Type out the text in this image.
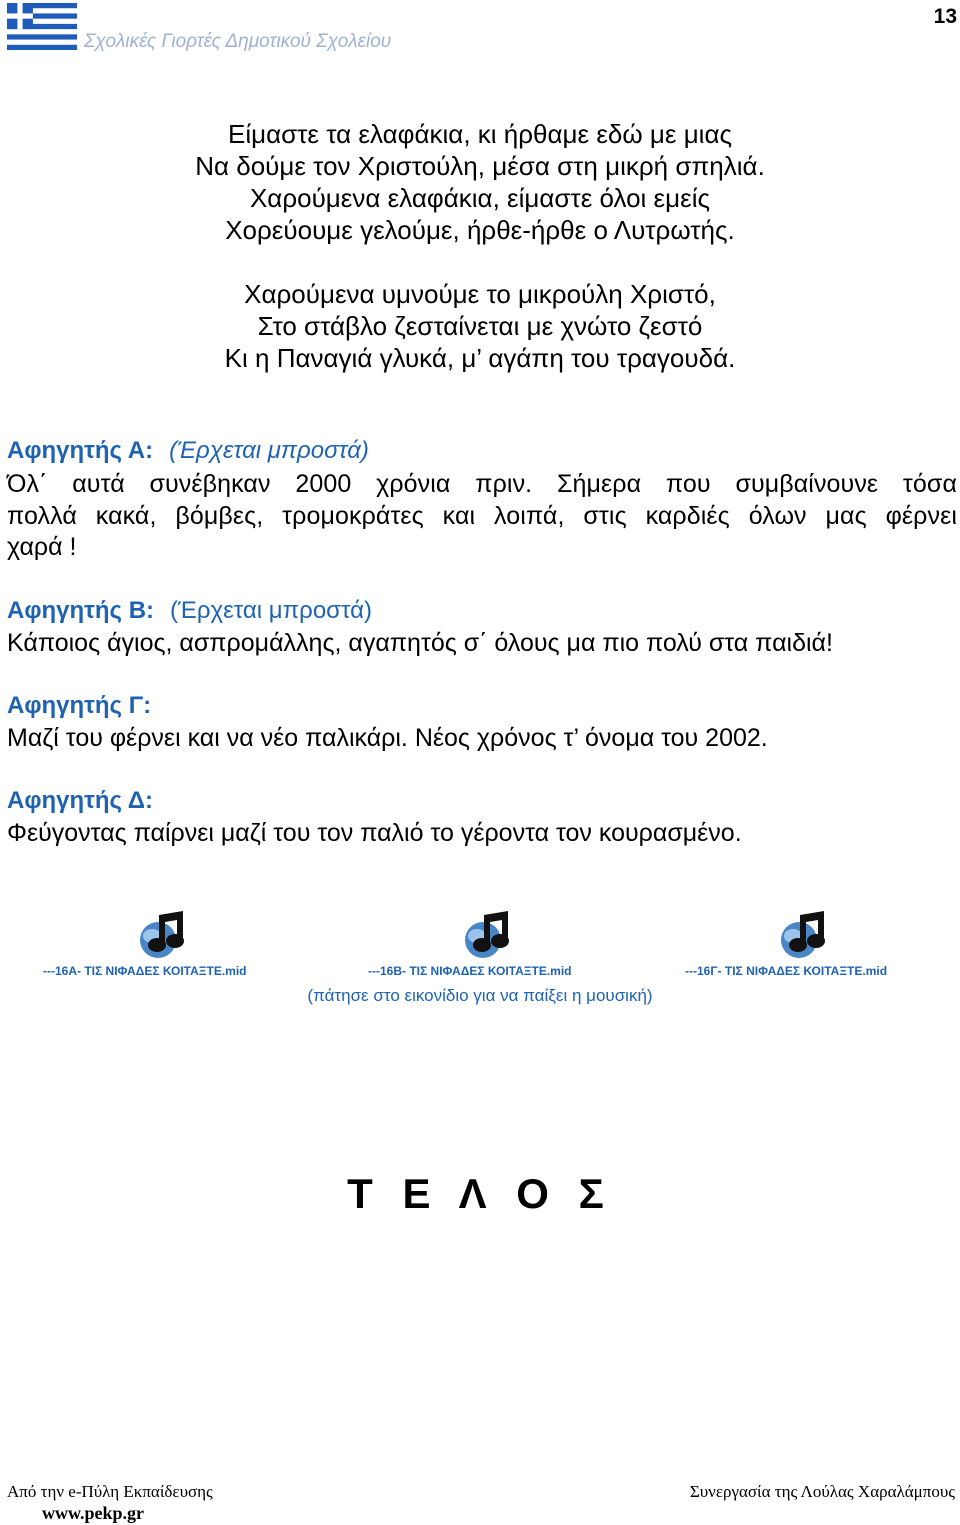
Σχολικές Γιορτές Δημοτικού Σχολείου
13
Είμαστε τα ελαφάκια, κι ήρθαμε εδώ με μιας
Να δούμε τον Χριστούλη, μέσα στη μικρή σπηλιά.
Χαρούμενα ελαφάκια, είμαστε όλοι εμείς
Χορεύουμε γελούμε, ήρθε-ήρθε ο Λυτρωτής.
Χαρούμενα υμνούμε το μικρούλη Χριστό,
Στο στάβλο ζεσταίνεται με χνώτο ζεστό
Κι η Παναγιά γλυκά, μ’ αγάπη του τραγουδά.
Αφηγητής Α: (Έρχεται μπροστά)
Όλ΄ αυτά συνέβηκαν 2000 χρόνια πριν. Σήμερα που συμβαίνουνε τόσα
πολλά κακά, βόμβες, τρομοκράτες και λοιπά, στις καρδιές όλων μας φέρνει
χαρά !
Αφηγητής Β: (Έρχεται μπροστά)
Κάποιος άγιος, ασπρομάλλης, αγαπητός σ΄ όλους μα πιο πολύ στα παιδιά!
Αφηγητής Γ:
Μαζί του φέρνει και να νέο παλικάρι. Νέος χρόνος τ’ όνομα του 2002.
Αφηγητής Δ:
Φεύγοντας παίρνει μαζί του τον παλιό το γέροντα τον κουρασμένο.
---16Α- ΤΙΣ ΝΙΦΑΔΕΣ ΚΟΙΤΑΞΤΕ.mid	---16Β- ΤΙΣ ΝΙΦΑΔΕΣ ΚΟΙΤΑΞΤΕ.mid	---16Γ- ΤΙΣ ΝΙΦΑΔΕΣ ΚΟΙΤΑΞΤΕ.mid
(πάτησε στο εικονίδιο για να παίξει η μουσική)
Τ Ε Λ Ο Σ
Από την e-Πύλη Εκπαίδευσης
www.pekp.gr
Συνεργασία της Λούλας Χαραλάμπους
